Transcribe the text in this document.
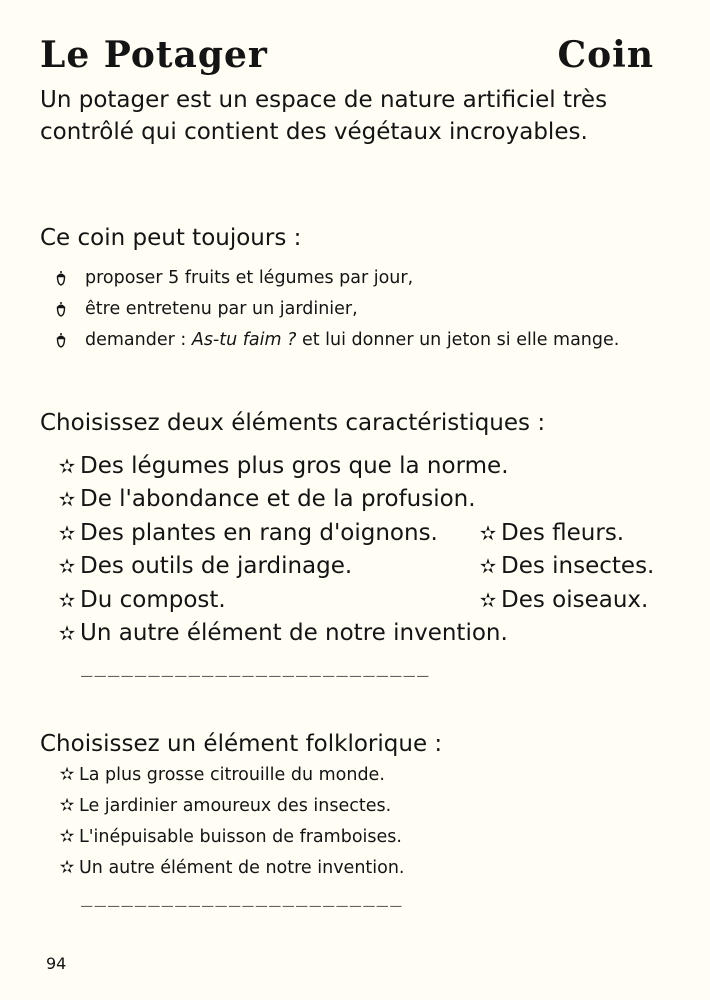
Le Potager	Coin
Un potager est un espace de nature artificiel très contrôlé qui contient des végétaux incroyables.
Ce coin peut toujours :
proposer 5 fruits et légumes par jour,
être entretenu par un jardinier,
demander : As-tu faim ? et lui donner un jeton si elle mange.
Choisissez deux éléments caractéristiques :
✫ Des légumes plus gros que la norme.
✫ De l'abondance et de la profusion.
✫ Des plantes en rang d'oignons.
✫ Des outils de jardinage.
✫ Du compost.
✫ Un autre élément de notre invention.
✫ Des fleurs.
✫ Des insectes.
✫ Des oiseaux.
__________________________
Choisissez un élément folklorique :
✫ La plus grosse citrouille du monde.
✫ Le jardinier amoureux des insectes.
✫ L'inépuisable buisson de framboises.
✫ Un autre élément de notre invention.
________________________
94
